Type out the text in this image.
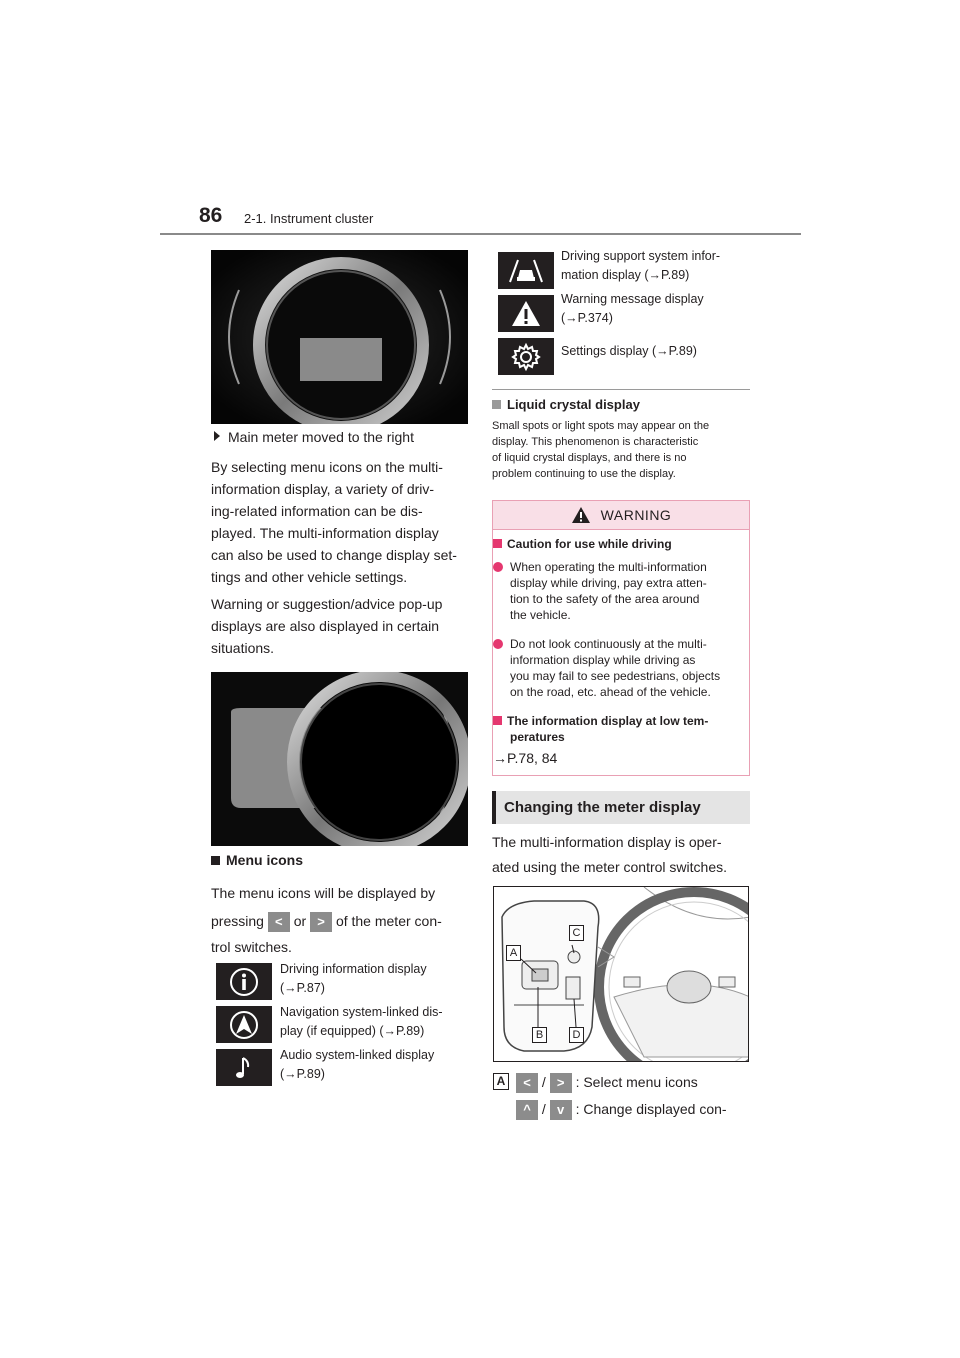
86 2-1. Instrument cluster
Main meter moved to the right
By selecting menu icons on the multi-
information display, a variety of driv-
ing-related information can be dis-
played. The multi-information display
can also be used to change display set-
tings and other vehicle settings.
Warning or suggestion/advice pop-up
displays are also displayed in certain
situations.
Menu icons
The menu icons will be displayed by
pressing < or > of the meter con-
trol switches.
Driving information display
(→P.87)
Navigation system-linked dis-
play (if equipped) (→P.89)
Audio system-linked display
(→P.89)
Driving support system infor-
mation display (→P.89)
Warning message display
(→P.374)
Settings display (→P.89)
Liquid crystal display
Small spots or light spots may appear on the
display. This phenomenon is characteristic
of liquid crystal displays, and there is no
problem continuing to use the display.
WARNING
Caution for use while driving
When operating the multi-information
display while driving, pay extra atten-
tion to the safety of the area around
the vehicle.
Do not look continuously at the multi-
information display while driving as
you may fail to see pedestrians, objects
on the road, etc. ahead of the vehicle.
The information display at low tem-
peratures
→P.78, 84
Changing the meter display
The multi-information display is oper-
ated using the meter control switches.
A
C
B	D
A	< / > : Select menu icons
^ / v : Change displayed con-
